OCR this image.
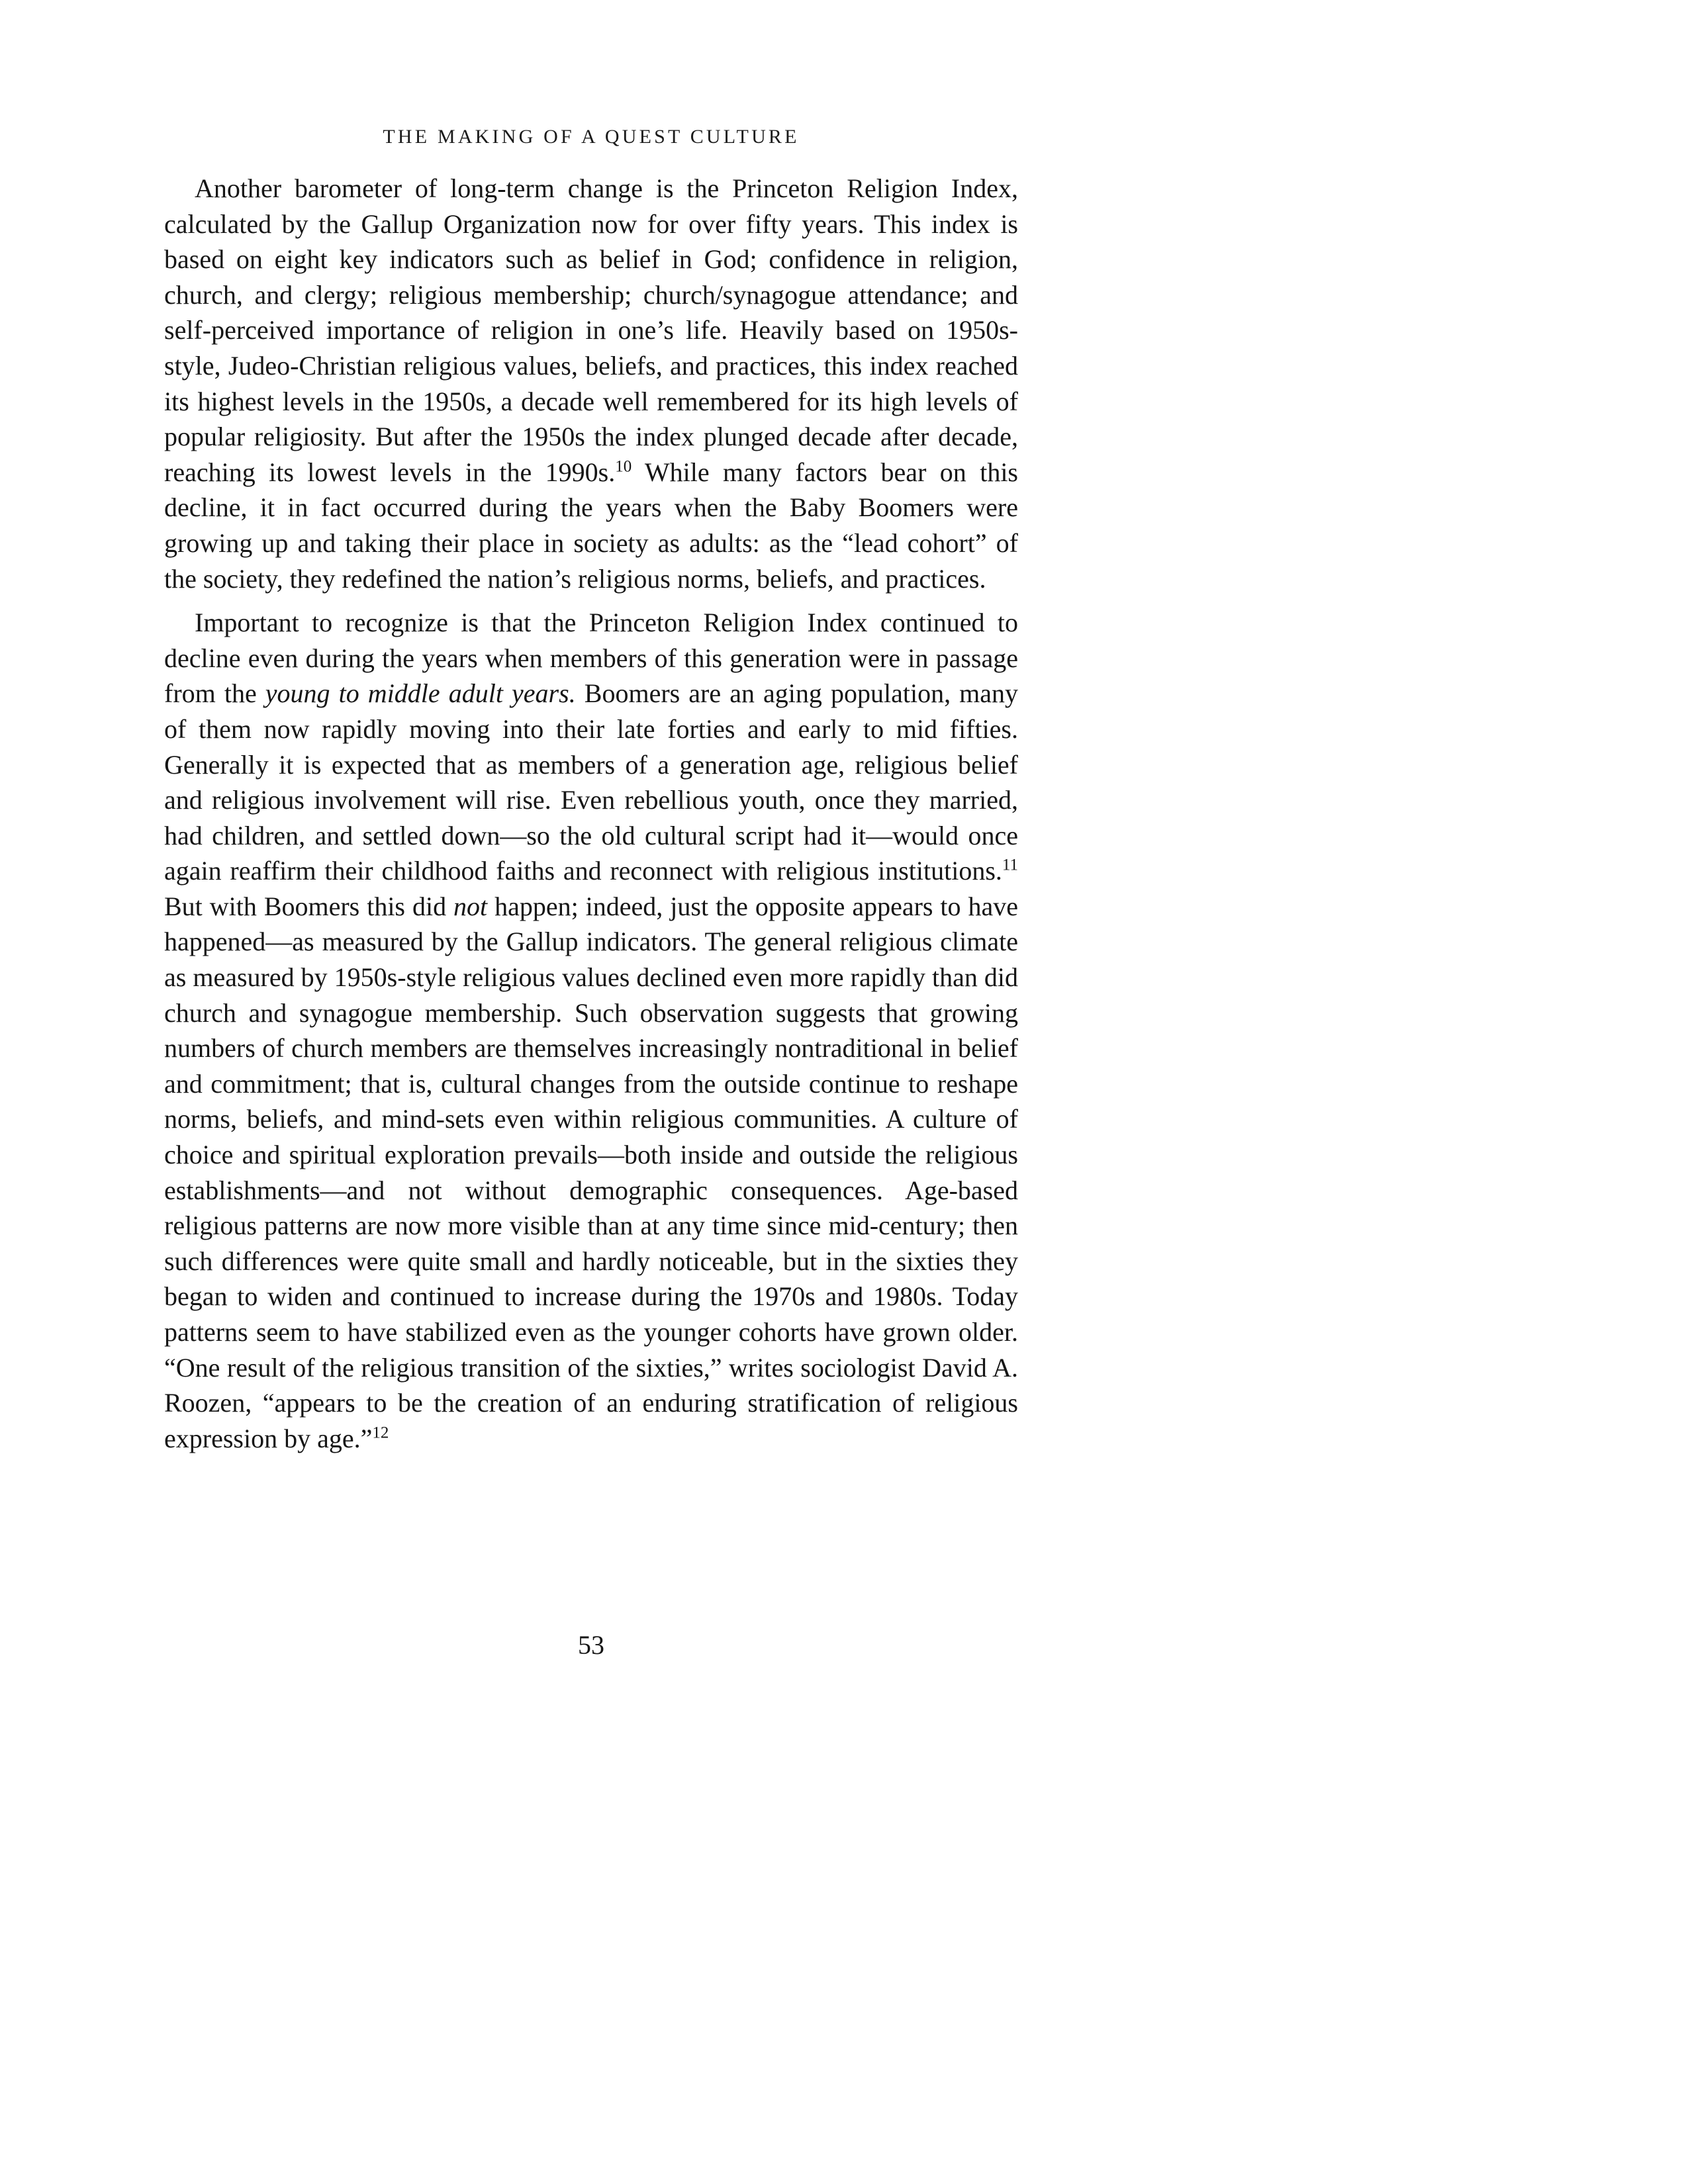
THE MAKING OF A QUEST CULTURE

Another barometer of long-term change is the Princeton Religion Index, calculated by the Gallup Organization now for over fifty years. This index is based on eight key indicators such as belief in God; confidence in religion, church, and clergy; religious membership; church/synagogue attendance; and self-perceived importance of religion in one’s life. Heavily based on 1950s-style, Judeo-Christian religious values, beliefs, and practices, this index reached its highest levels in the 1950s, a decade well remembered for its high levels of popular religiosity. But after the 1950s the index plunged decade after decade, reaching its lowest levels in the 1990s.$^{10}$ While many factors bear on this decline, it in fact occurred during the years when the Baby Boomers were growing up and taking their place in society as adults: as the “lead cohort” of the society, they redefined the nation’s religious norms, beliefs, and practices.

Important to recognize is that the Princeton Religion Index continued to decline even during the years when members of this generation were in passage from the young to middle adult years. Boomers are an aging population, many of them now rapidly moving into their late forties and early to mid fifties. Generally it is expected that as members of a generation age, religious belief and religious involvement will rise. Even rebellious youth, once they married, had children, and settled down—so the old cultural script had it—would once again reaffirm their childhood faiths and reconnect with religious institutions.$^{11}$ But with Boomers this did not happen; indeed, just the opposite appears to have happened—as measured by the Gallup indicators. The general religious climate as measured by 1950s-style religious values declined even more rapidly than did church and synagogue membership. Such observation suggests that growing numbers of church members are themselves increasingly nontraditional in belief and commitment; that is, cultural changes from the outside continue to reshape norms, beliefs, and mind-sets even within religious communities. A culture of choice and spiritual exploration prevails—both inside and outside the religious establishments—and not without demographic consequences. Age-based religious patterns are now more visible than at any time since mid-century; then such differences were quite small and hardly noticeable, but in the sixties they began to widen and continued to increase during the 1970s and 1980s. Today patterns seem to have stabilized even as the younger cohorts have grown older. “One result of the religious transition of the sixties,” writes sociologist David A. Roozen, “appears to be the creation of an enduring stratification of religious expression by age.”$^{12}$

53
